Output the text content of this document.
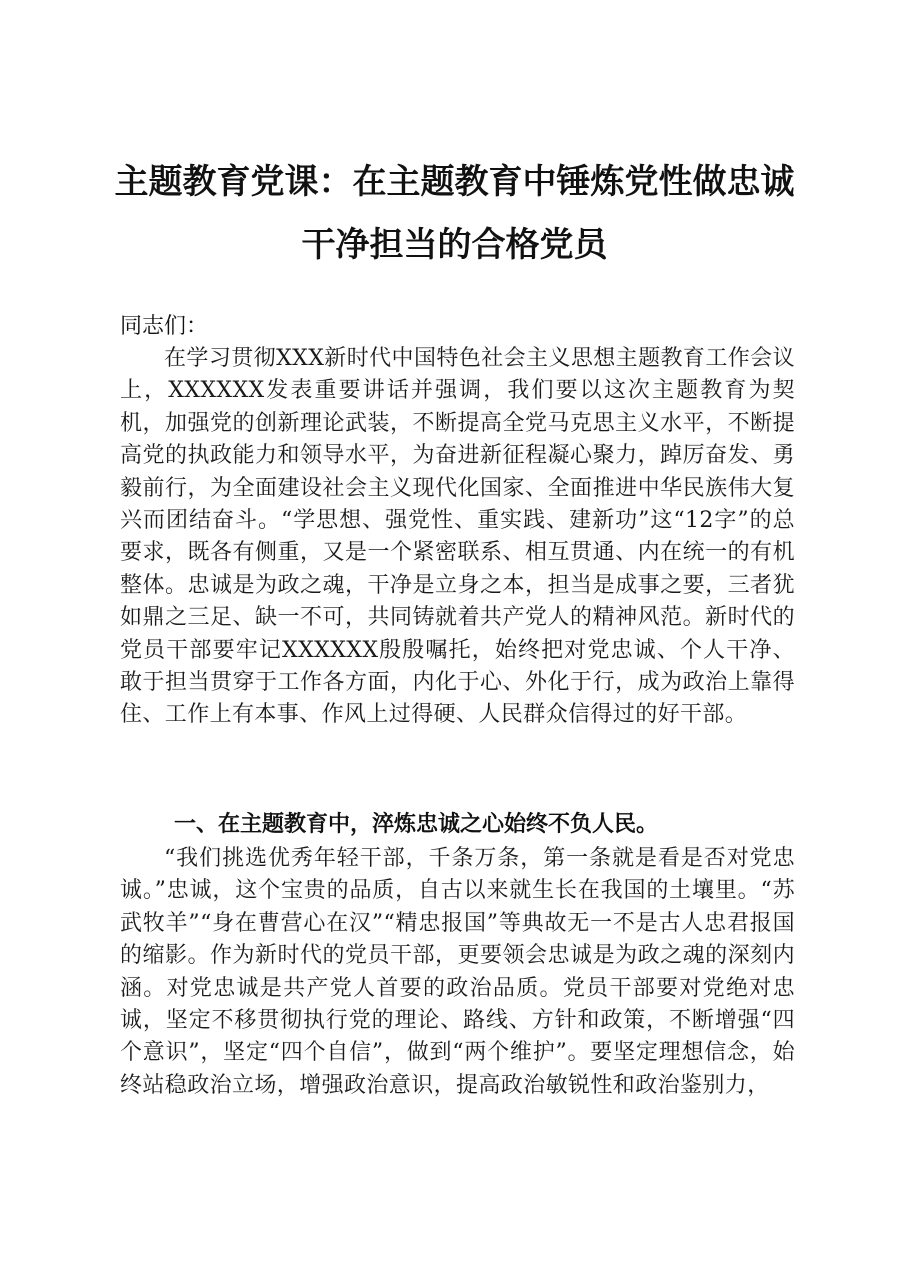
主题教育党课：在主题教育中锤炼党性做忠诚
干净担当的合格党员
同志们：

在学习贯彻XXX新时代中国特色社会主义思想主题教育工作会议上，XXXXXX发表重要讲话并强调，我们要以这次主题教育为契机，加强党的创新理论武装，不断提高全党马克思主义水平，不断提高党的执政能力和领导水平，为奋进新征程凝心聚力，踔厉奋发、勇毅前行，为全面建设社会主义现代化国家、全面推进中华民族伟大复兴而团结奋斗。“学思想、强党性、重实践、建新功”这“12字”的总要求，既各有侧重，又是一个紧密联系、相互贯通、内在统一的有机整体。忠诚是为政之魂，干净是立身之本，担当是成事之要，三者犹如鼎之三足、缺一不可，共同铸就着共产党人的精神风范。新时代的党员干部要牢记XXXXXX殷殷嘱托，始终把对党忠诚、个人干净、敢于担当贯穿于工作各方面，内化于心、外化于行，成为政治上靠得住、工作上有本事、作风上过得硬、人民群众信得过的好干部。

一、在主题教育中，淬炼忠诚之心始终不负人民。

“我们挑选优秀年轻干部，千条万条，第一条就是看是否对党忠诚。”忠诚，这个宝贵的品质，自古以来就生长在我国的土壤里。“苏武牧羊”“身在曹营心在汉”“精忠报国”等典故无一不是古人忠君报国的缩影。作为新时代的党员干部，更要领会忠诚是为政之魂的深刻内涵。对党忠诚是共产党人首要的政治品质。党员干部要对党绝对忠诚，坚定不移贯彻执行党的理论、路线、方针和政策，不断增强“四个意识”，坚定“四个自信”，做到“两个维护”。要坚定理想信念，始终站稳政治立场，增强政治意识，提高政治敏锐性和政治鉴别力，
